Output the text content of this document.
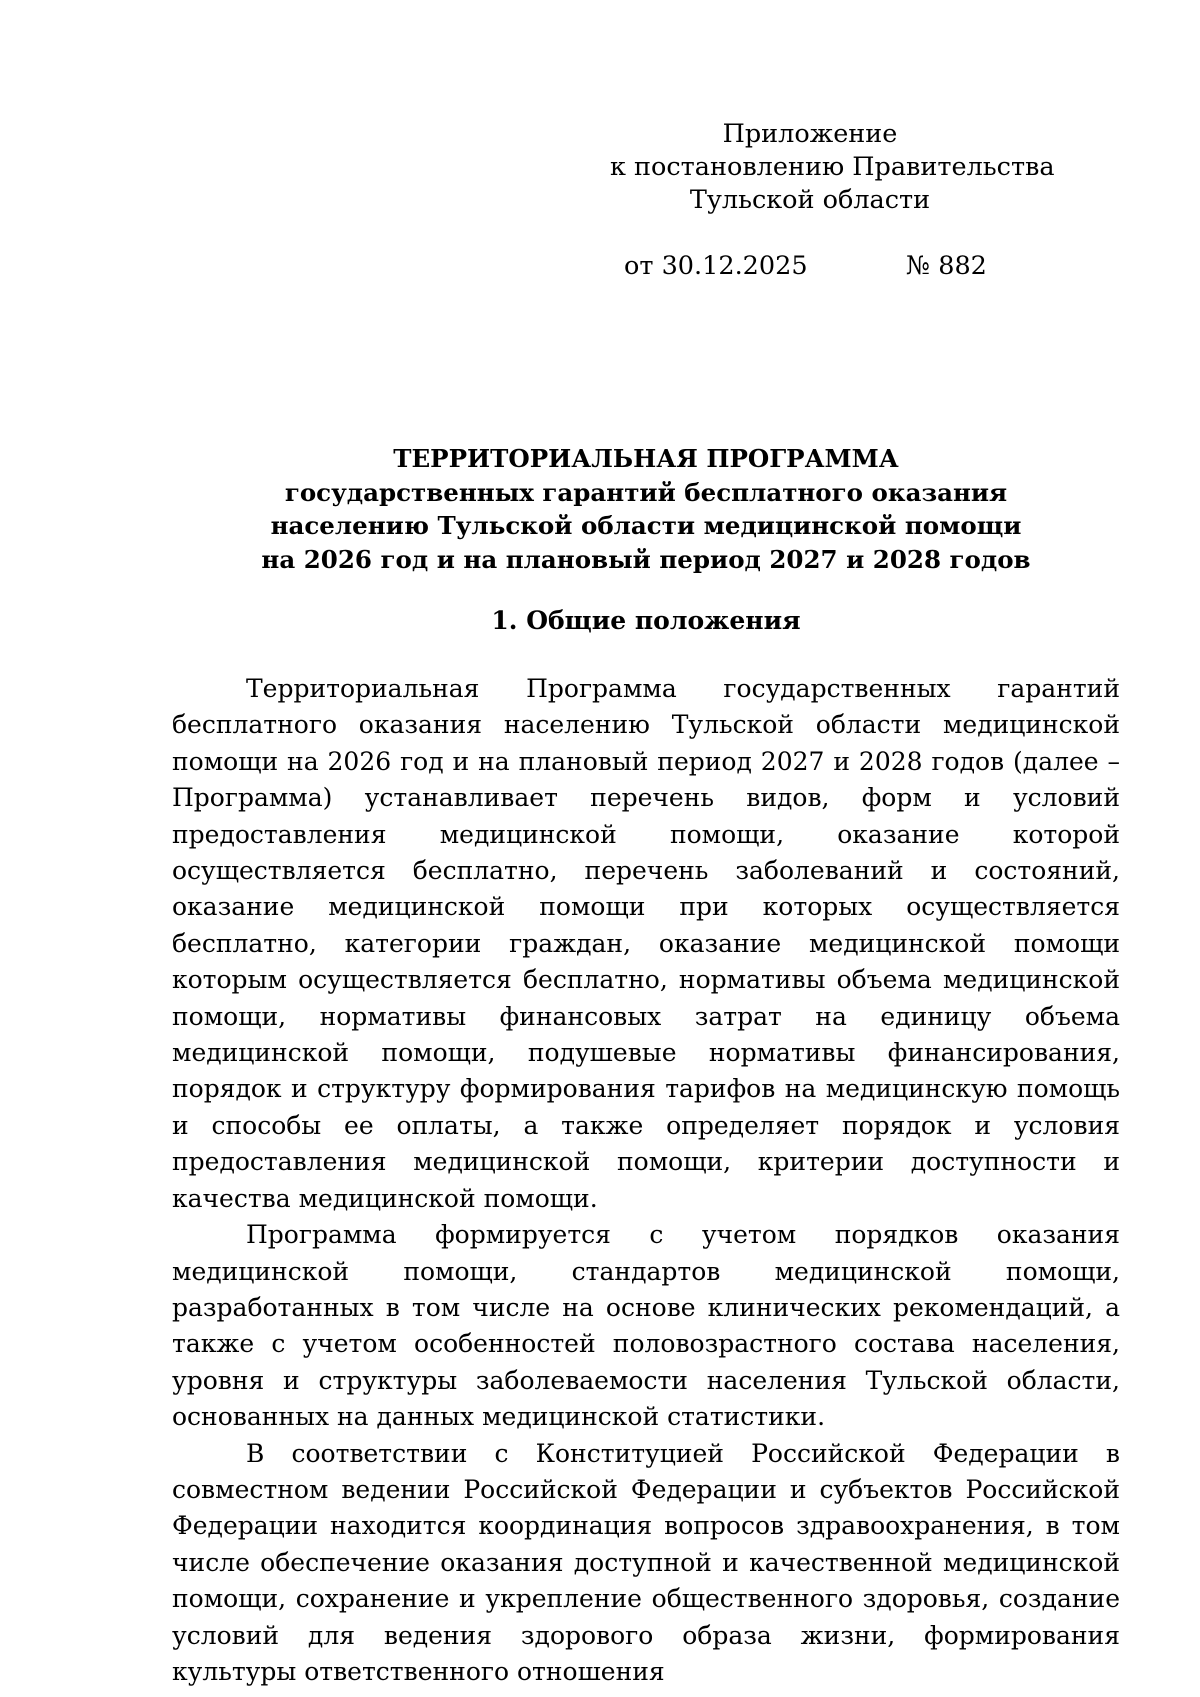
Приложение
к постановлению Правительства
Тульской области
от 30.12.2025	№ 882
ТЕРРИТОРИАЛЬНАЯ ПРОГРАММА
государственных гарантий бесплатного оказания
населению Тульской области медицинской помощи
на 2026 год и на плановый период 2027 и 2028 годов
1. Общие положения

Территориальная Программа государственных гарантий бесплатного оказания населению Тульской области медицинской помощи на 2026 год и на плановый период 2027 и 2028 годов (далее – Программа) устанавливает перечень видов, форм и условий предоставления медицинской помощи, оказание которой осуществляется бесплатно, перечень заболеваний и состояний, оказание медицинской помощи при которых осуществляется бесплатно, категории граждан, оказание медицинской помощи которым осуществляется бесплатно, нормативы объема медицинской помощи, нормативы финансовых затрат на единицу объема медицинской помощи, подушевые нормативы финансирования, порядок и структуру формирования тарифов на медицинскую помощь и способы ее оплаты, а также определяет порядок и условия предоставления медицинской помощи, критерии доступности и качества медицинской помощи.

Программа формируется с учетом порядков оказания медицинской помощи, стандартов медицинской помощи, разработанных в том числе на основе клинических рекомендаций, а также с учетом особенностей половозрастного состава населения, уровня и структуры заболеваемости населения Тульской области, основанных на данных медицинской статистики.

В соответствии с Конституцией Российской Федерации в совместном ведении Российской Федерации и субъектов Российской Федерации находится координация вопросов здравоохранения, в том числе обеспечение оказания доступной и качественной медицинской помощи, сохранение и укрепление общественного здоровья, создание условий для ведения здорового образа жизни, формирования культуры ответственного отношения
